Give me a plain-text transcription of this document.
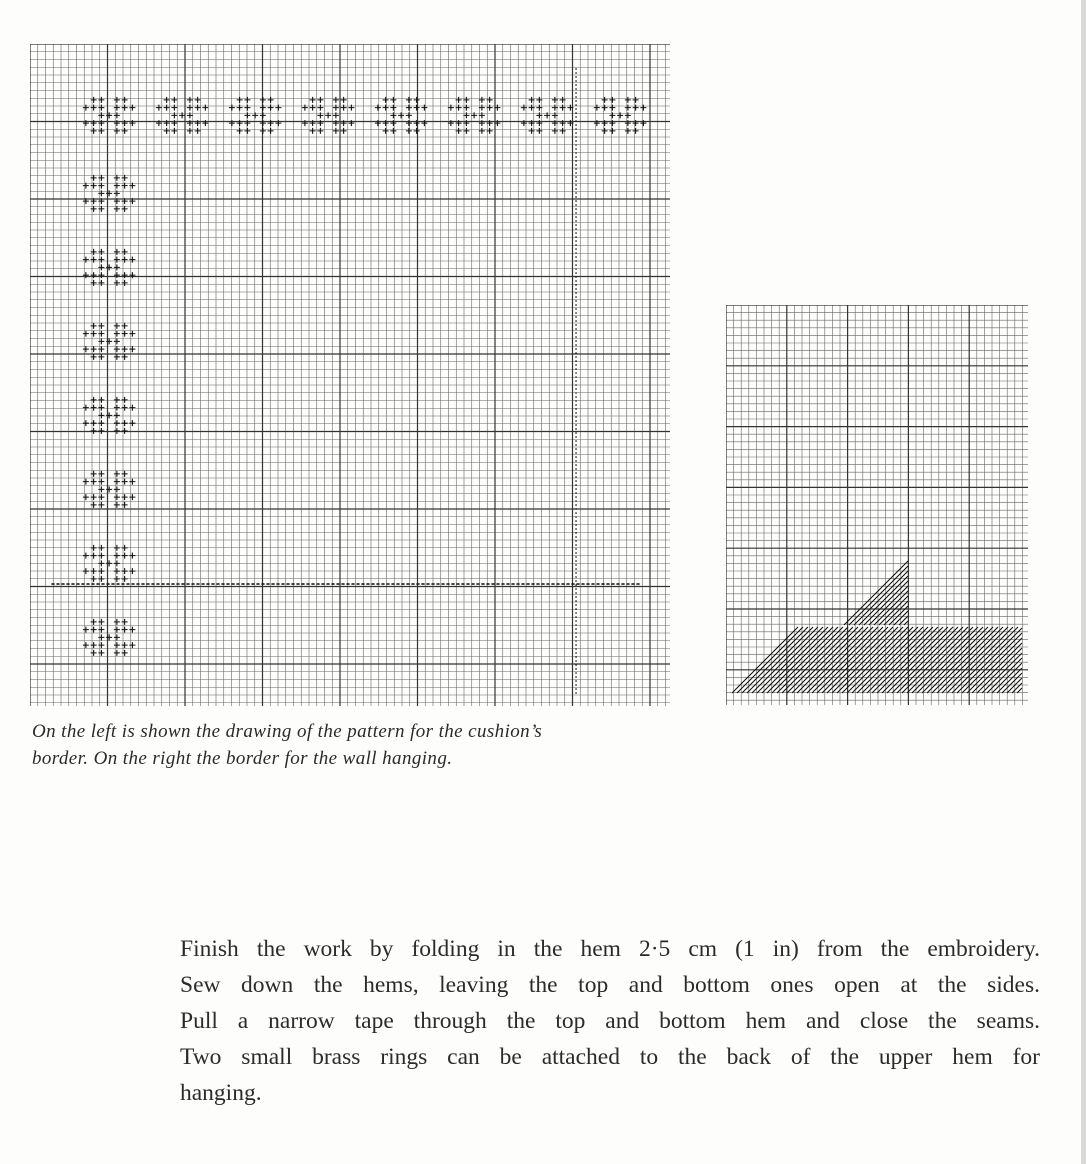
On the left is shown the drawing of the pattern for the cushion’s
border. On the right the border for the wall hanging.

Finish the work by folding in the hem 2·5 cm (1 in) from the embroidery.
Sew down the hems, leaving the top and bottom ones open at the sides.
Pull a narrow tape through the top and bottom hem and close the seams.
Two small brass rings can be attached to the back of the upper hem for
hanging.
